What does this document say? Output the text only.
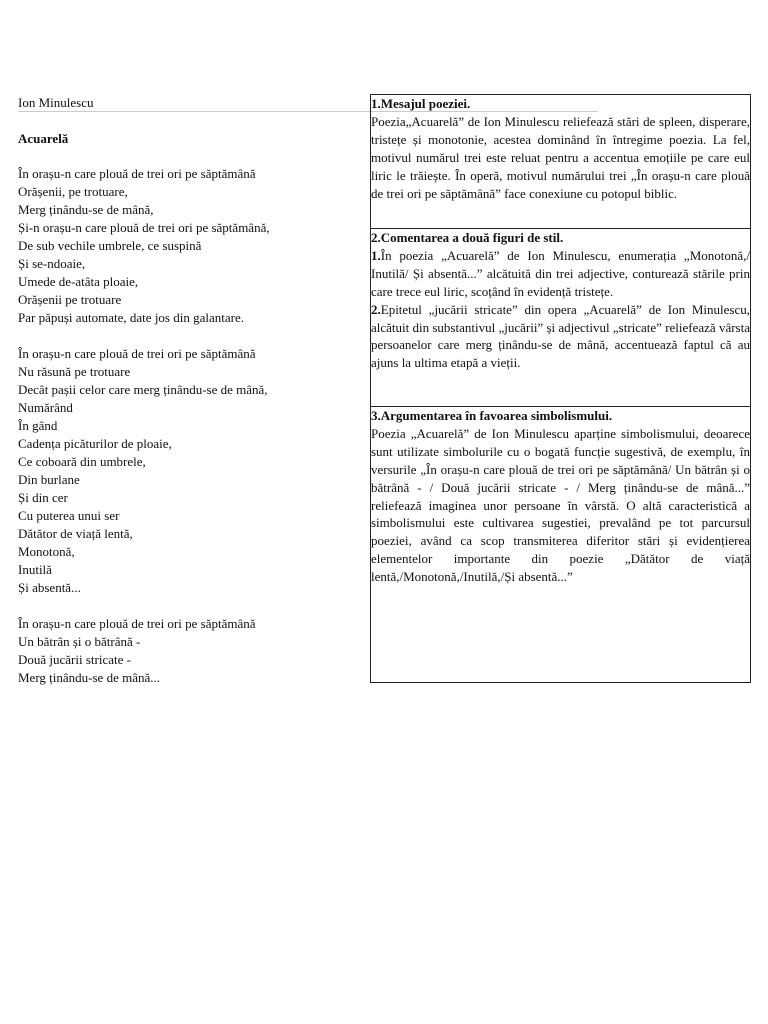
Ion Minulescu
Acuarelă
În orașu-n care plouă de trei ori pe săptămână
Orășenii, pe trotuare,
Merg ținându-se de mână,
Și-n orașu-n care plouă de trei ori pe săptămână,
De sub vechile umbrele, ce suspină
Și se-ndoaie,
Umede de-atâta ploaie,
Orășenii pe trotuare
Par păpuși automate, date jos din galantare.
În orașu-n care plouă de trei ori pe săptămână
Nu răsună pe trotuare
Decât pașii celor care merg ținându-se de mână,
Numărând
În gând
Cadența picăturilor de ploaie,
Ce coboară din umbrele,
Din burlane
Și din cer
Cu puterea unui ser
Dătător de viață lentă,
Monotonă,
Inutilă
Și absentă...
În orașu-n care plouă de trei ori pe săptămână
Un bătrân și o bătrână -
Două jucării stricate -
Merg ținându-se de mână...
1.Mesajul poeziei.

Poezia„Acuarelă” de Ion Minulescu reliefează stări de spleen, disperare, tristețe și monotonie, acestea dominând în întregime poezia. La fel, motivul numărul trei este reluat pentru a accentua emoțiile pe care eul liric le trăiește. În operă, motivul numărului trei „În orașu-n care plouă de trei ori pe săptămână” face conexiune cu potopul biblic.

2.Comentarea a două figuri de stil.

1.În poezia „Acuarelă” de Ion Minulescu, enumerația „Monotonă,/ Inutilă/ Și absentă...” alcătuită din trei adjective, conturează stările prin care trece eul liric, scoțând în evidență tristețe.

2.Epitetul „jucării stricate” din opera „Acuarelă” de Ion Minulescu, alcătuit din substantivul „jucării” și adjectivul „stricate” reliefează vârsta persoanelor care merg ținându-se de mână, accentuează faptul că au ajuns la ultima etapă a vieții.

3.Argumentarea în favoarea simbolismului.

Poezia „Acuarelă” de Ion Minulescu aparține simbolismului, deoarece sunt utilizate simbolurile cu o bogată funcție sugestivă, de exemplu, în versurile „În orașu-n care plouă de trei ori pe săptămână/ Un bătrân și o bătrână - / Două jucării stricate - / Merg ținându-se de mână...” reliefează imaginea unor persoane în vârstă. O altă caracteristică a simbolismului este cultivarea sugestiei, prevalând pe tot parcursul poeziei, având ca scop transmiterea diferitor stări și evidențierea elementelor importante din poezie „Dătător de viață lentă,/Monotonă,/Inutilă,/Și absentă...”
